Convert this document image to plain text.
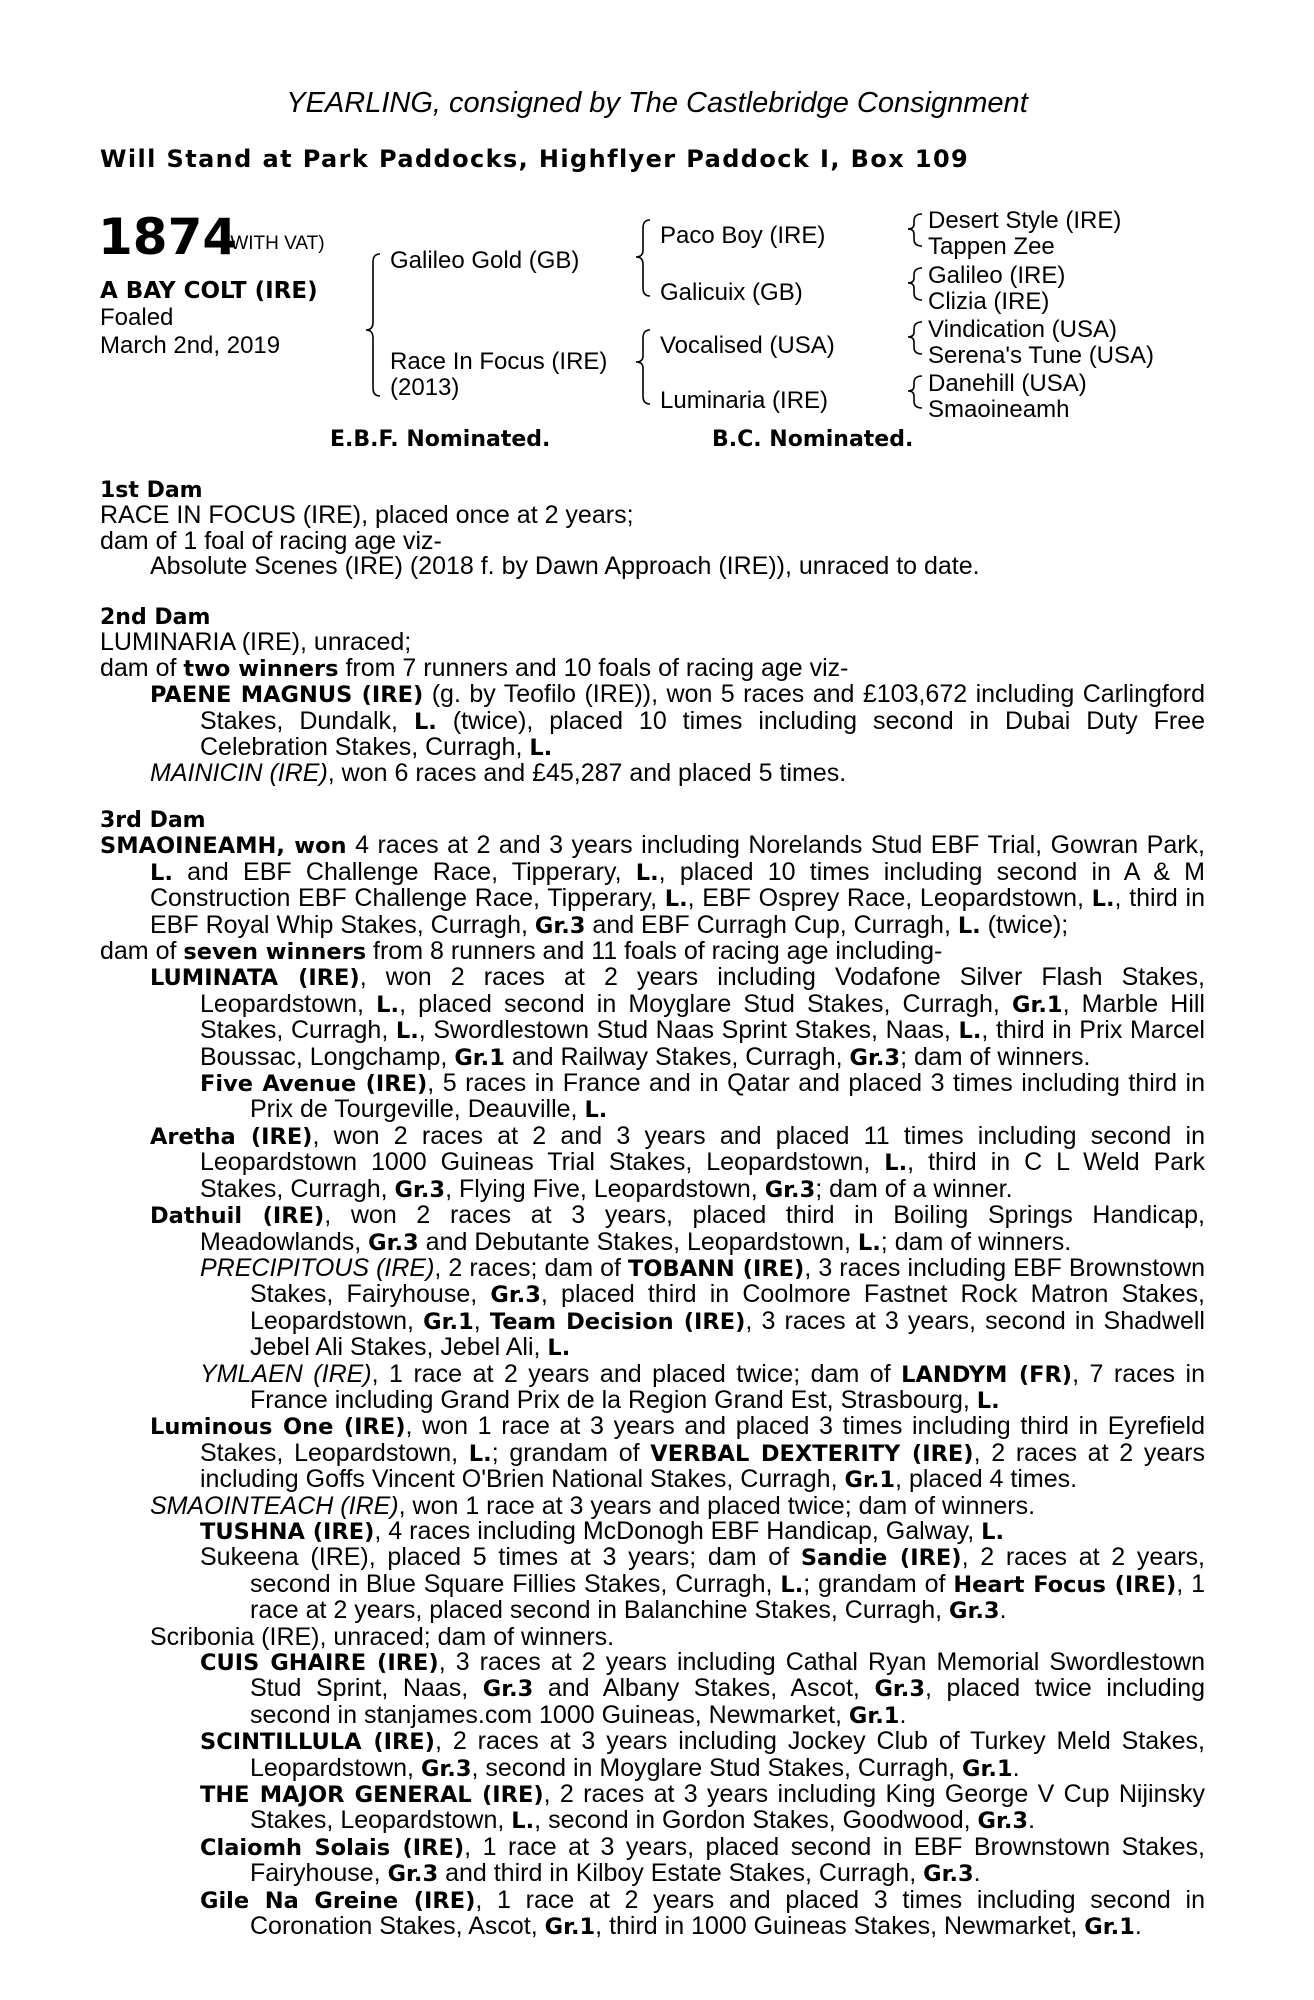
YEARLING, consigned by The Castlebridge Consignment
Will Stand at Park Paddocks, Highflyer Paddock I, Box 109
1874
(WITH VAT)
A BAY COLT (IRE)
Foaled
March 2nd, 2019
Galileo Gold (GB)
Race In Focus (IRE)
(2013)
Paco Boy (IRE)
Galicuix (GB)
Vocalised (USA)
Luminaria (IRE)
Desert Style (IRE)
Tappen Zee
Galileo (IRE)
Clizia (IRE)
Vindication (USA)
Serena's Tune (USA)
Danehill (USA)
Smaoineamh
E.B.F. Nominated.	B.C. Nominated.

1st Dam

RACE IN FOCUS (IRE), placed once at 2 years;

dam of 1 foal of racing age viz-

Absolute Scenes (IRE) (2018 f. by Dawn Approach (IRE)), unraced to date.

2nd Dam

LUMINARIA (IRE), unraced;

dam of two winners from 7 runners and 10 foals of racing age viz-

PAENE MAGNUS (IRE) (g. by Teofilo (IRE)), won 5 races and £103,672 including Carlingford Stakes, Dundalk, L. (twice), placed 10 times including second in Dubai Duty Free Celebration Stakes, Curragh, L.

MAINICIN (IRE), won 6 races and £45,287 and placed 5 times.

3rd Dam

SMAOINEAMH, won 4 races at 2 and 3 years including Norelands Stud EBF Trial, Gowran Park, L. and EBF Challenge Race, Tipperary, L., placed 10 times including second in A & M Construction EBF Challenge Race, Tipperary, L., EBF Osprey Race, Leopardstown, L., third in EBF Royal Whip Stakes, Curragh, Gr.3 and EBF Curragh Cup, Curragh, L. (twice);

dam of seven winners from 8 runners and 11 foals of racing age including-

LUMINATA (IRE), won 2 races at 2 years including Vodafone Silver Flash Stakes, Leopardstown, L., placed second in Moyglare Stud Stakes, Curragh, Gr.1, Marble Hill Stakes, Curragh, L., Swordlestown Stud Naas Sprint Stakes, Naas, L., third in Prix Marcel Boussac, Longchamp, Gr.1 and Railway Stakes, Curragh, Gr.3; dam of winners.

Five Avenue (IRE), 5 races in France and in Qatar and placed 3 times including third in Prix de Tourgeville, Deauville, L.

Aretha (IRE), won 2 races at 2 and 3 years and placed 11 times including second in Leopardstown 1000 Guineas Trial Stakes, Leopardstown, L., third in C L Weld Park Stakes, Curragh, Gr.3, Flying Five, Leopardstown, Gr.3; dam of a winner.

Dathuil (IRE), won 2 races at 3 years, placed third in Boiling Springs Handicap, Meadowlands, Gr.3 and Debutante Stakes, Leopardstown, L.; dam of winners.

PRECIPITOUS (IRE), 2 races; dam of TOBANN (IRE), 3 races including EBF Brownstown Stakes, Fairyhouse, Gr.3, placed third in Coolmore Fastnet Rock Matron Stakes, Leopardstown, Gr.1, Team Decision (IRE), 3 races at 3 years, second in Shadwell Jebel Ali Stakes, Jebel Ali, L.

YMLAEN (IRE), 1 race at 2 years and placed twice; dam of LANDYM (FR), 7 races in France including Grand Prix de la Region Grand Est, Strasbourg, L.

Luminous One (IRE), won 1 race at 3 years and placed 3 times including third in Eyrefield Stakes, Leopardstown, L.; grandam of VERBAL DEXTERITY (IRE), 2 races at 2 years including Goffs Vincent O'Brien National Stakes, Curragh, Gr.1, placed 4 times.

SMAOINTEACH (IRE), won 1 race at 3 years and placed twice; dam of winners.

TUSHNA (IRE), 4 races including McDonogh EBF Handicap, Galway, L.

Sukeena (IRE), placed 5 times at 3 years; dam of Sandie (IRE), 2 races at 2 years, second in Blue Square Fillies Stakes, Curragh, L.; grandam of Heart Focus (IRE), 1 race at 2 years, placed second in Balanchine Stakes, Curragh, Gr.3.

Scribonia (IRE), unraced; dam of winners.

CUIS GHAIRE (IRE), 3 races at 2 years including Cathal Ryan Memorial Swordlestown Stud Sprint, Naas, Gr.3 and Albany Stakes, Ascot, Gr.3, placed twice including second in stanjames.com 1000 Guineas, Newmarket, Gr.1.

SCINTILLULA (IRE), 2 races at 3 years including Jockey Club of Turkey Meld Stakes, Leopardstown, Gr.3, second in Moyglare Stud Stakes, Curragh, Gr.1.

THE MAJOR GENERAL (IRE), 2 races at 3 years including King George V Cup Nijinsky Stakes, Leopardstown, L., second in Gordon Stakes, Goodwood, Gr.3.

Claiomh Solais (IRE), 1 race at 3 years, placed second in EBF Brownstown Stakes, Fairyhouse, Gr.3 and third in Kilboy Estate Stakes, Curragh, Gr.3.

Gile Na Greine (IRE), 1 race at 2 years and placed 3 times including second in Coronation Stakes, Ascot, Gr.1, third in 1000 Guineas Stakes, Newmarket, Gr.1.
